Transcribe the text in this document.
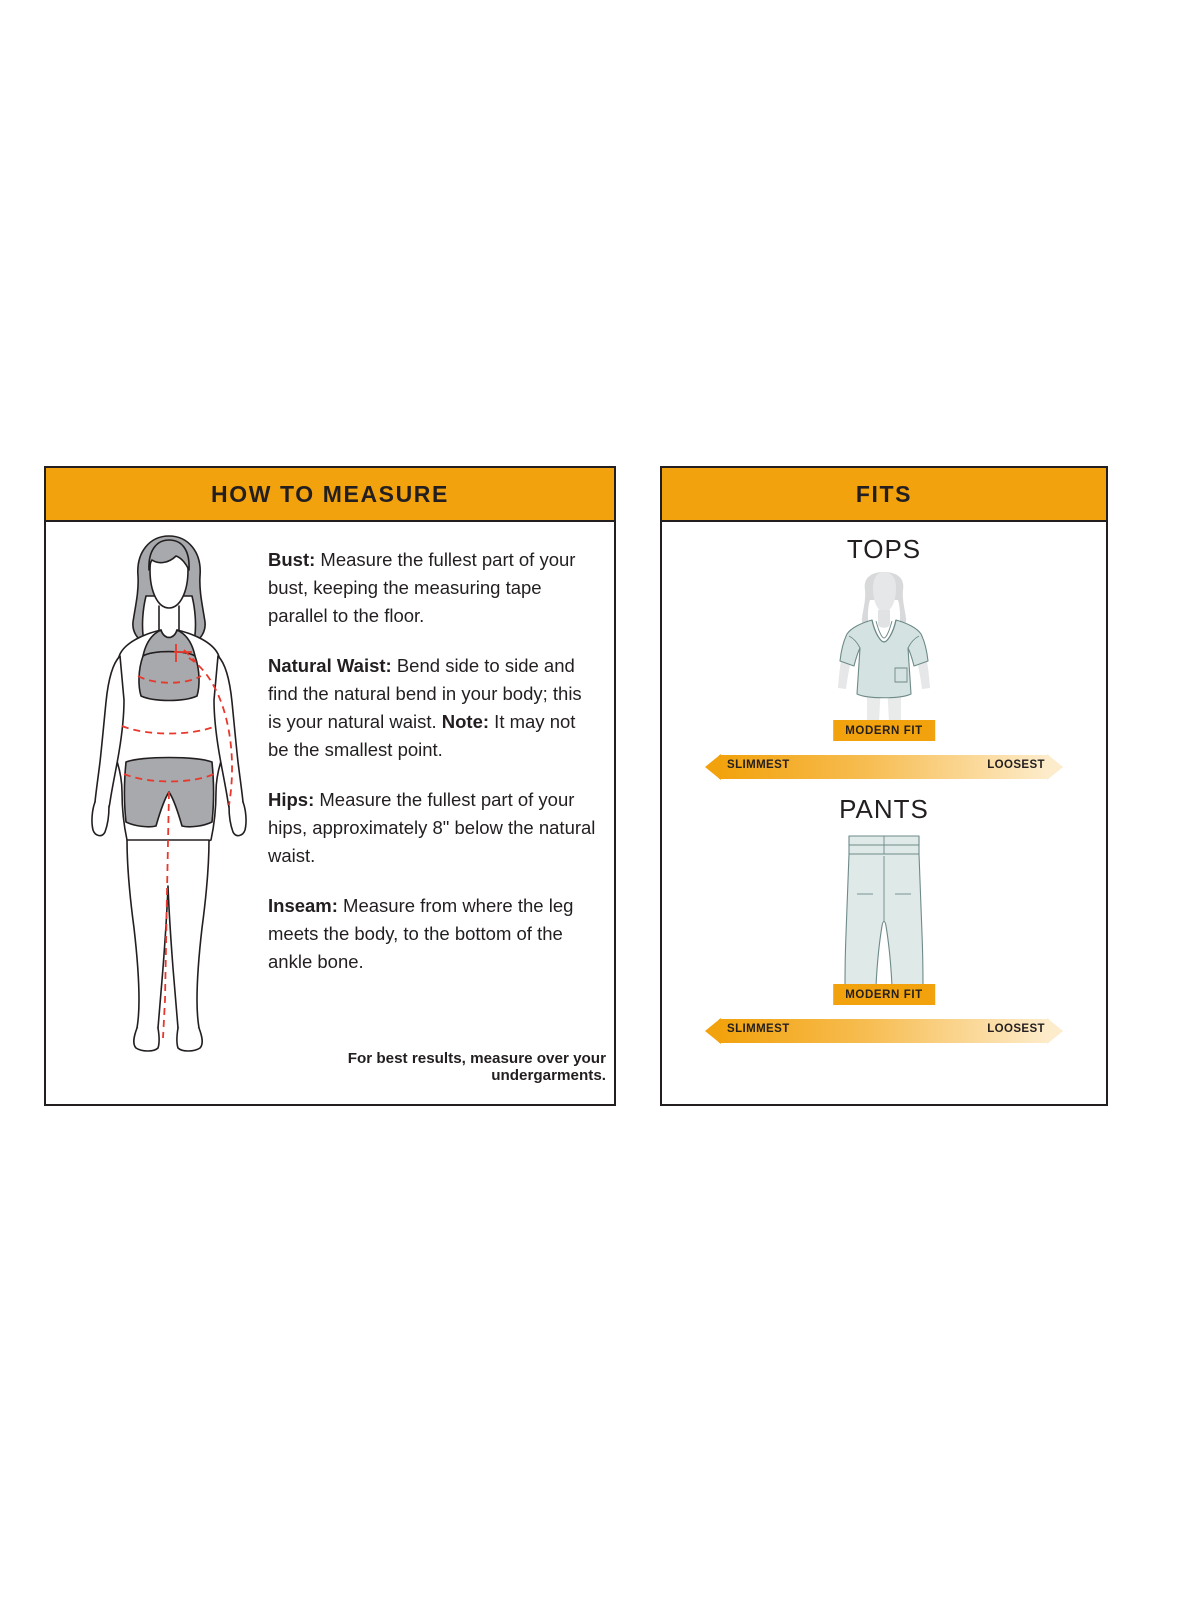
HOW TO MEASURE

Bust: Measure the fullest part of your bust, keeping the measuring tape parallel to the floor.

Natural Waist: Bend side to side and find the natural bend in your body; this is your natural waist. Note: It may not be the smallest point.

Hips: Measure the fullest part of your hips, approximately 8" below the natural waist.

Inseam: Measure from where the leg meets the body, to the bottom of the ankle bone.

For best results, measure over your undergarments.
FITS
TOPS
MODERN FIT
SLIMMEST	LOOSEST
PANTS
MODERN FIT
SLIMMEST	LOOSEST
